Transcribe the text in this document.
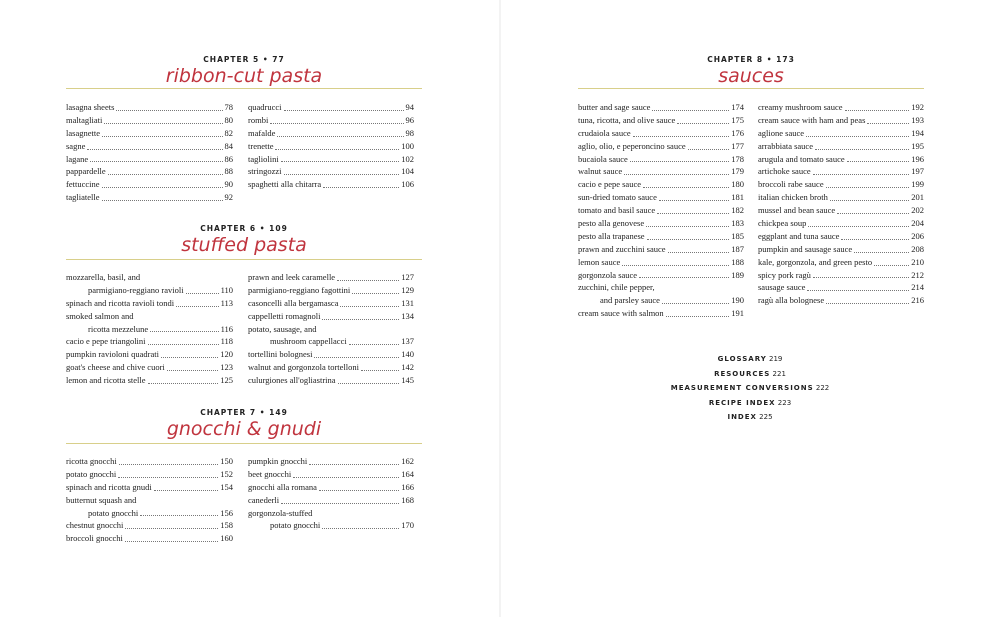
CHAPTER 5 • 77
ribbon-cut pasta
lasagna sheets	78
maltagliati	80
lasagnette	82
sagne	84
lagane	86
pappardelle	88
fettuccine	90
tagliatelle	92
quadrucci	94
rombi	96
mafalde	98
trenette	100
tagliolini	102
stringozzi	104
spaghetti alla chitarra	106
CHAPTER 6 • 109
stuffed pasta
mozzarella, basil, and
parmigiano-reggiano ravioli	110
spinach and ricotta ravioli tondi	113
smoked salmon and
ricotta mezzelune	116
cacio e pepe triangolini	118
pumpkin ravioloni quadrati	120
goat's cheese and chive cuori	123
lemon and ricotta stelle	125
prawn and leek caramelle	127
parmigiano-reggiano fagottini	129
casoncelli alla bergamasca	131
cappelletti romagnoli	134
potato, sausage, and
mushroom cappellacci	137
tortellini bolognesi	140
walnut and gorgonzola tortelloni	142
culurgiones all'ogliastrina	145
CHAPTER 7 • 149
gnocchi & gnudi
ricotta gnocchi	150
potato gnocchi	152
spinach and ricotta gnudi	154
butternut squash and
potato gnocchi	156
chestnut gnocchi	158
broccoli gnocchi	160
pumpkin gnocchi	162
beet gnocchi	164
gnocchi alla romana	166
canederli	168
gorgonzola-stuffed
potato gnocchi	170
CHAPTER 8 • 173
sauces
butter and sage sauce	174
tuna, ricotta, and olive sauce	175
crudaiola sauce	176
aglio, olio, e peperoncino sauce	177
bucaiola sauce	178
walnut sauce	179
cacio e pepe sauce	180
sun-dried tomato sauce	181
tomato and basil sauce	182
pesto alla genovese	183
pesto alla trapanese	185
prawn and zucchini sauce	187
lemon sauce	188
gorgonzola sauce	189
zucchini, chile pepper,
and parsley sauce	190
cream sauce with salmon	191
creamy mushroom sauce	192
cream sauce with ham and peas	193
aglione sauce	194
arrabbiata sauce	195
arugula and tomato sauce	196
artichoke sauce	197
broccoli rabe sauce	199
italian chicken broth	201
mussel and bean sauce	202
chickpea soup	204
eggplant and tuna sauce	206
pumpkin and sausage sauce	208
kale, gorgonzola, and green pesto	210
spicy pork ragù	212
sausage sauce	214
ragù alla bolognese	216
GLOSSARY 219
RESOURCES 221
MEASUREMENT CONVERSIONS 222
RECIPE INDEX 223
INDEX 225
